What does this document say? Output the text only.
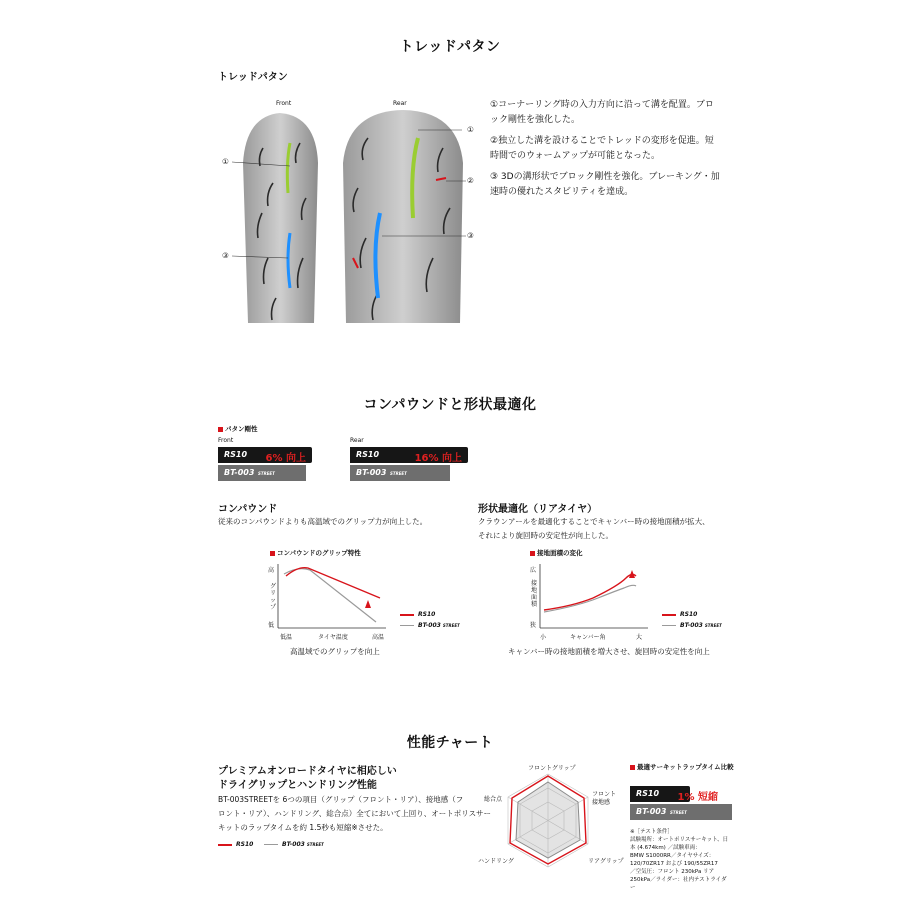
トレッドパタン
トレッドパタン
Front	Rear
①
③
①
②
③

①コーナーリング時の入力方向に沿って溝を配置。ブロック剛性を強化した。

②独立した溝を設けることでトレッドの変形を促進。短時間でのウォームアップが可能となった。

③ 3Dの溝形状でブロック剛性を強化。ブレーキング・加速時の優れたスタビリティを達成。

コンパウンドと形状最適化
パタン剛性
Front	Rear
RS10 6% 向上
BT-003 STREET
RS10	16% 向上
BT-003 STREET
コンパウンド
従来のコンパウンドよりも高温域でのグリップ力が向上した。
形状最適化（リアタイヤ）
クラウンアールを最適化することでキャンバー時の接地面積が拡大、
それにより旋回時の安定性が向上した。
コンパウンドのグリップ特性
高
グリップ
低
低温	タイヤ温度	高温
高温域でのグリップを向上
RS10
BT-003 STREET
接地面積の変化
広
接地面積
狭
小	キャンバー角	大
キャンバー時の接地面積を増大させ、旋回時の安定性を向上
RS10
BT-003 STREET
性能チャート
プレミアムオンロードタイヤに相応しい
ドライグリップとハンドリング性能
BT-003STREETを 6つの項目（グリップ（フロント・リア）、接地感（フ
ロント・リア）、ハンドリング、総合点）全てにおいて上回り、オートポリスサー
キットのラップタイムを約 1.5秒も短縮※させた。
RS10	BT-003 STREET
フロントグリップ
フロント
接地感
リアグリップ
ハンドリング
総合点
最適サーキットラップタイム比較
RS10 1% 短縮
BT-003 STREET
※［テスト条件］
試験場所：オートポリスサーキット、日本 (4.674km) ／試験車両：
BMW S1000RR／タイヤサイズ：
120/70ZR17 および 190/55ZR17
／空気圧：フロント 230kPa リア
250kPa／ライダー：社内テストライダー
